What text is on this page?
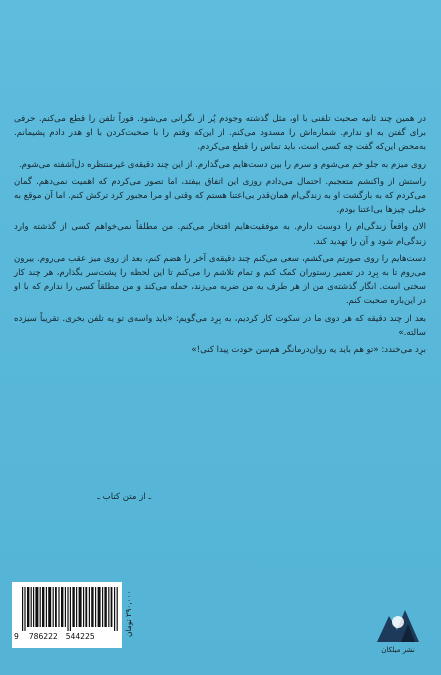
در همین چند ثانیه صحبت تلفنی با او، مثل گذشته وجودم پُر از نگرانی می‌شود. فوراً تلفن را قطع می‌کنم. حرفی برای گفتن به او ندارم. شماره‌اش را مسدود می‌کنم. از این‌که وقتم را با صحبت‌کردن با او هدر دادم پشیمانم. به‌محض این‌که گفت چه کسی است، باید تماس را قطع می‌کردم.

روی میزم به جلو خم می‌شوم و سرم را بین دست‌هایم می‌گذارم. از این چند دقیقه‌ی غیرمنتظره دل‌آشفته می‌شوم.

راستش از واکنشم متعجبم. احتمال می‌دادم روزی این اتفاق بیفتد، اما تصور می‌کردم که اهمیت نمی‌دهم. گمان می‌کردم که به بازگشت او به زندگی‌ام همان‌قدر بی‌اعتنا هستم که وقتی او مرا مجبور کرد ترکش کنم. اما آن موقع به خیلی چیزها بی‌اعتنا بودم.

الان واقعاً زندگی‌ام را دوست دارم. به موفقیت‌هایم افتخار می‌کنم. من مطلقاً نمی‌خواهم کسی از گذشته وارد زندگی‌ام شود و آن را تهدید کند.

دست‌هایم را روی صورتم می‌کشم، سعی می‌کنم چند دقیقه‌ی آخر را هضم کنم، بعد از روی میز عقب می‌روم. بیرون می‌روم تا به بِرِد در تعمیر رستوران کمک کنم و تمام تلاشم را می‌کنم تا این لحظه را پشت‌سر بگذارم، هر چند کار سختی است. انگار گذشته‌ی من از هر طرف به من ضربه می‌زند، حمله می‌کند و من مطلقاً کسی را ندارم که با او در این‌باره صحبت کنم.

بعد از چند دقیقه که هر دوی ما در سکوت کار کردیم، به بِرِد می‌گویم: «باید واسه‌ی تو یه تلفن بخری. تقریباً سیزده سالته.»

برِد می‌خندد: «تو هم باید یه روان‌درمانگر هم‌سن خودت پیدا کنی!»

ـ از متن کتاب ـ
9 786222 544225	۲۹۰,۰۰۰ تومان
نشر میلکان
